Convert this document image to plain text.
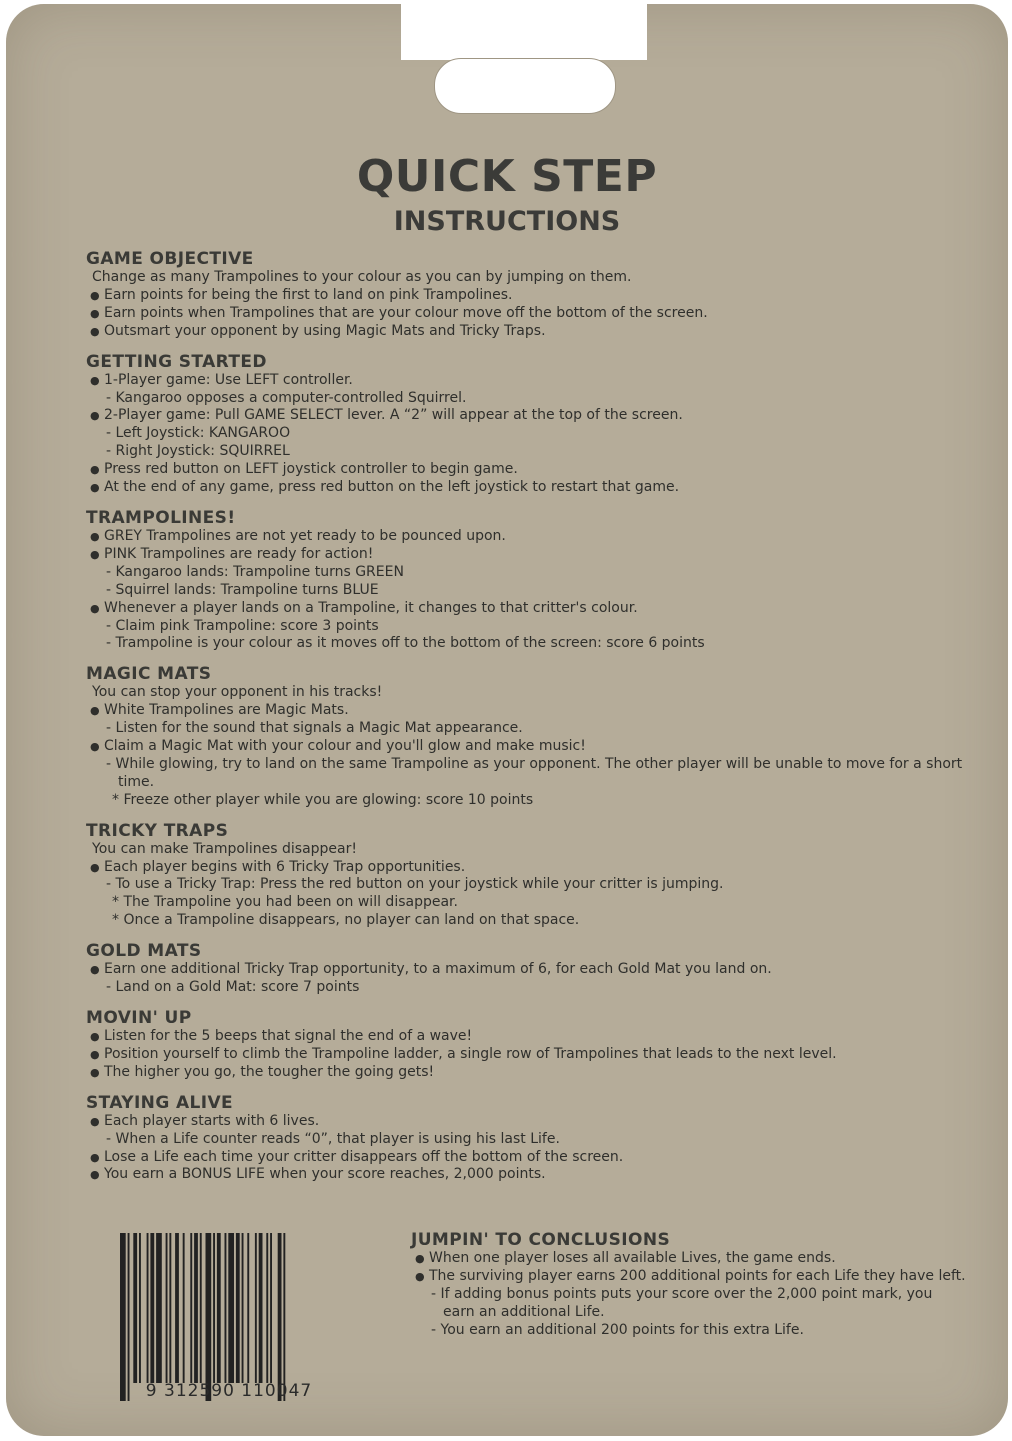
QUICK STEP
INSTRUCTIONS
GAME OBJECTIVE

Change as many Trampolines to your colour as you can by jumping on them.

● Earn points for being the first to land on pink Trampolines.

● Earn points when Trampolines that are your colour move off the bottom of the screen.

● Outsmart your opponent by using Magic Mats and Tricky Traps.

GETTING STARTED

● 1-Player game: Use LEFT controller.

- Kangaroo opposes a computer-controlled Squirrel.

● 2-Player game: Pull GAME SELECT lever. A “2” will appear at the top of the screen.

- Left Joystick: KANGAROO

- Right Joystick: SQUIRREL

● Press red button on LEFT joystick controller to begin game.

● At the end of any game, press red button on the left joystick to restart that game.

TRAMPOLINES!

● GREY Trampolines are not yet ready to be pounced upon.

● PINK Trampolines are ready for action!

- Kangaroo lands: Trampoline turns GREEN

- Squirrel lands: Trampoline turns BLUE

● Whenever a player lands on a Trampoline, it changes to that critter's colour.

- Claim pink Trampoline: score 3 points

- Trampoline is your colour as it moves off to the bottom of the screen: score 6 points

MAGIC MATS

You can stop your opponent in his tracks!

● White Trampolines are Magic Mats.

- Listen for the sound that signals a Magic Mat appearance.

● Claim a Magic Mat with your colour and you'll glow and make music!

- While glowing, try to land on the same Trampoline as your opponent. The other player will be unable to move for a short time.

* Freeze other player while you are glowing: score 10 points

TRICKY TRAPS

You can make Trampolines disappear!

● Each player begins with 6 Tricky Trap opportunities.

- To use a Tricky Trap: Press the red button on your joystick while your critter is jumping.

* The Trampoline you had been on will disappear.

* Once a Trampoline disappears, no player can land on that space.

GOLD MATS

● Earn one additional Tricky Trap opportunity, to a maximum of 6, for each Gold Mat you land on.

- Land on a Gold Mat: score 7 points

MOVIN' UP

● Listen for the 5 beeps that signal the end of a wave!

● Position yourself to climb the Trampoline ladder, a single row of Trampolines that leads to the next level.

● The higher you go, the tougher the going gets!

STAYING ALIVE

● Each player starts with 6 lives.

- When a Life counter reads “0”, that player is using his last Life.

● Lose a Life each time your critter disappears off the bottom of the screen.

● You earn a BONUS LIFE when your score reaches, 2,000 points.

9 312590 110047
JUMPIN' TO CONCLUSIONS

● When one player loses all available Lives, the game ends.

● The surviving player earns 200 additional points for each Life they have left.

- If adding bonus points puts your score over the 2,000 point mark, you earn an additional Life.

- You earn an additional 200 points for this extra Life.
